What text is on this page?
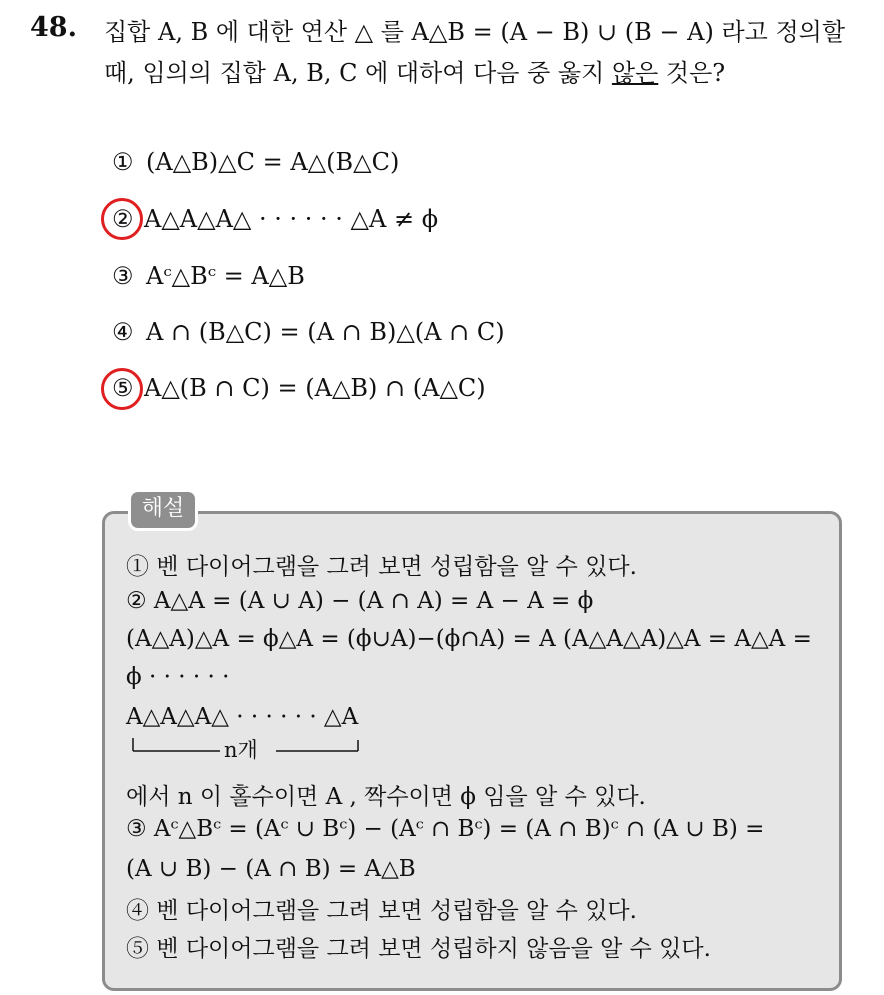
48. 집합 A, B 에 대한 연산 △ 를 A△B = (A − B) ∪ (B − A) 라고 정의할
때, 임의의 집합 A, B, C 에 대하여 다음 중 옳지 않은 것은?
① (A△B)△C = A△(B△C)
② A△A△A△ · · · · · · △A ≠ ϕ
③ Aᶜ△Bᶜ = A△B
④ A ∩ (B△C) = (A ∩ B)△(A ∩ C)
⑤ A△(B ∩ C) = (A△B) ∩ (A△C)
해설
① 벤 다이어그램을 그려 보면 성립함을 알 수 있다.
② A△A = (A ∪ A) − (A ∩ A) = A − A = ϕ
(A△A)△A = ϕ△A = (ϕ∪A)−(ϕ∩A) = A (A△A△A)△A = A△A =
ϕ · · · · · ·
A△A△A△ · · · · · · △A
n개
에서 n 이 홀수이면 A , 짝수이면 ϕ 임을 알 수 있다.
③ Aᶜ△Bᶜ = (Aᶜ ∪ Bᶜ) − (Aᶜ ∩ Bᶜ) = (A ∩ B)ᶜ ∩ (A ∪ B) =
(A ∪ B) − (A ∩ B) = A△B
④ 벤 다이어그램을 그려 보면 성립함을 알 수 있다.
⑤ 벤 다이어그램을 그려 보면 성립하지 않음을 알 수 있다.
